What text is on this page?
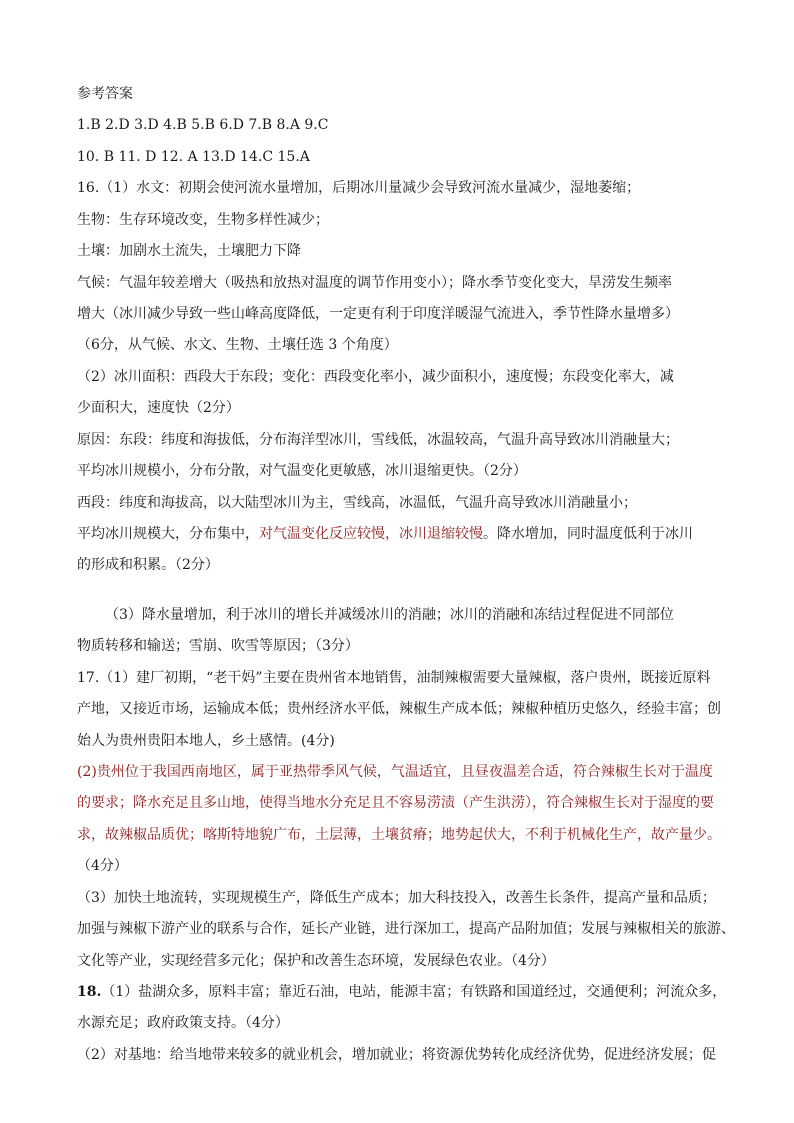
参考答案
1.B 2.D 3.D 4.B 5.B 6.D 7.B 8.A 9.C
10. B 11. D 12. A 13.D 14.C 15.A
16.（1）水文：初期会使河流水量增加，后期冰川量减少会导致河流水量减少，湿地萎缩；
生物：生存环境改变，生物多样性减少；
土壤：加剧水土流失，土壤肥力下降
气候：气温年较差增大（吸热和放热对温度的调节作用变小）；降水季节变化变大，旱涝发生频率
增大（冰川减少导致一些山峰高度降低，一定更有利于印度洋暖湿气流进入，季节性降水量增多）
（6分，从气候、水文、生物、土壤任选 3 个角度）
（2）冰川面积：西段大于东段；变化：西段变化率小，减少面积小，速度慢；东段变化率大，减
少面积大，速度快（2分）
原因：东段：纬度和海拔低，分布海洋型冰川，雪线低，冰温较高，气温升高导致冰川消融量大；
平均冰川规模小，分布分散，对气温变化更敏感，冰川退缩更快。（2分）
西段：纬度和海拔高，以大陆型冰川为主，雪线高，冰温低，气温升高导致冰川消融量小；
平均冰川规模大，分布集中，对气温变化反应较慢，冰川退缩较慢。降水增加，同时温度低利于冰川
的形成和积累。（2分）
（3）降水量增加，利于冰川的增长并减缓冰川的消融；冰川的消融和冻结过程促进不同部位
物质转移和输送；雪崩、吹雪等原因；（3分）
17.（1）建厂初期，“老干妈”主要在贵州省本地销售，油制辣椒需要大量辣椒，落户贵州，既接近原料
产地，又接近市场，运输成本低；贵州经济水平低，辣椒生产成本低；辣椒种植历史悠久，经验丰富；创
始人为贵州贵阳本地人，乡土感情。(4分)
(2)贵州位于我国西南地区，属于亚热带季风气候，气温适宜，且昼夜温差合适，符合辣椒生长对于温度
的要求；降水充足且多山地，使得当地水分充足且不容易涝渍（产生洪涝），符合辣椒生长对于湿度的要
求，故辣椒品质优；喀斯特地貌广布，土层薄，土壤贫瘠；地势起伏大，不利于机械化生产，故产量少。
（4分）
（3）加快土地流转，实现规模生产，降低生产成本；加大科技投入，改善生长条件，提高产量和品质；
加强与辣椒下游产业的联系与合作，延长产业链，进行深加工，提高产品附加值；发展与辣椒相关的旅游、
文化等产业，实现经营多元化；保护和改善生态环境，发展绿色农业。（4分）
18.（1）盐湖众多，原料丰富；靠近石油，电站，能源丰富；有铁路和国道经过，交通便利；河流众多，
水源充足；政府政策支持。（4分）
（2）对基地：给当地带来较多的就业机会，增加就业；将资源优势转化成经济优势，促进经济发展；促
